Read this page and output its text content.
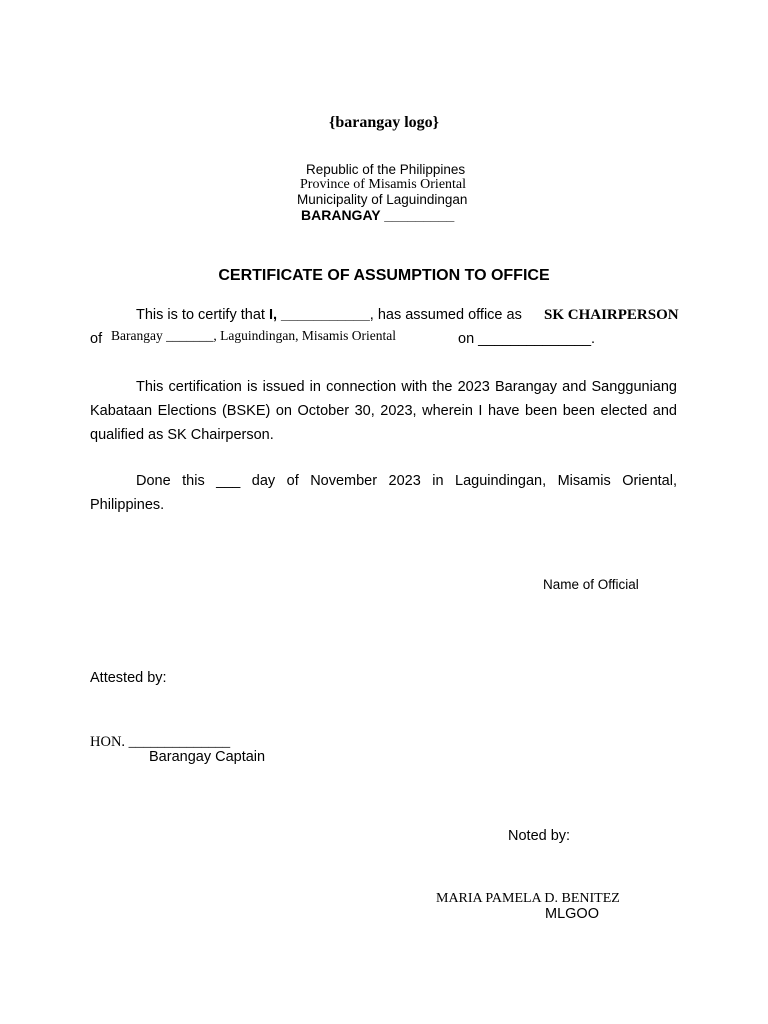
{barangay logo}
Republic of the Philippines
Province of Misamis Oriental
Municipality of Laguindingan
BARANGAY _________
CERTIFICATE OF ASSUMPTION TO OFFICE
This is to certify that I, ___________, has assumed office as SK CHAIRPERSON
of Barangay _______, Laguindingan, Misamis Oriental	on ______________.
This certification is issued in connection with the 2023 Barangay and Sangguniang Kabataan Elections (BSKE) on October 30, 2023, wherein I have been been elected and qualified as SK Chairperson.
Done this ___ day of November 2023 in Laguindingan, Misamis Oriental, Philippines.
Name of Official
Attested by:
HON. ______________
Barangay Captain
Noted by:
MARIA PAMELA D. BENITEZ
MLGOO
